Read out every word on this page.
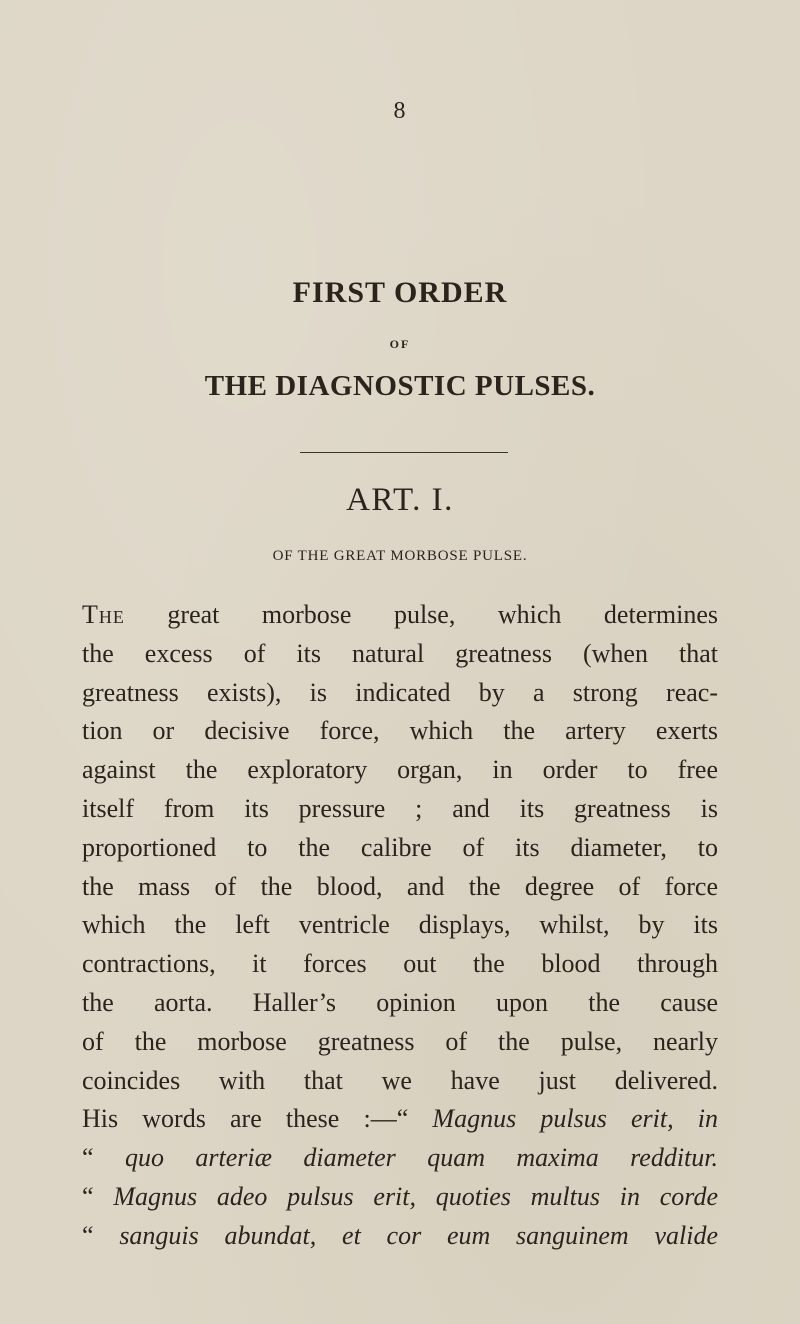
8
FIRST ORDER
OF
THE DIAGNOSTIC PULSES.
ART. I.
OF THE GREAT MORBOSE PULSE.
The great morbose pulse, which determines
the excess of its natural greatness (when that
greatness exists), is indicated by a strong reac-
tion or decisive force, which the artery exerts
against the exploratory organ, in order to free
itself from its pressure ; and its greatness is
proportioned to the calibre of its diameter, to
the mass of the blood, and the degree of force
which the left ventricle displays, whilst, by its
contractions, it forces out the blood through
the aorta. Haller’s opinion upon the cause
of the morbose greatness of the pulse, nearly
coincides with that we have just delivered.
His words are these :—“ Magnus pulsus erit, in
“ quo arteriæ diameter quam maxima redditur.
“ Magnus adeo pulsus erit, quoties multus in corde
“ sanguis abundat, et cor eum sanguinem valide
